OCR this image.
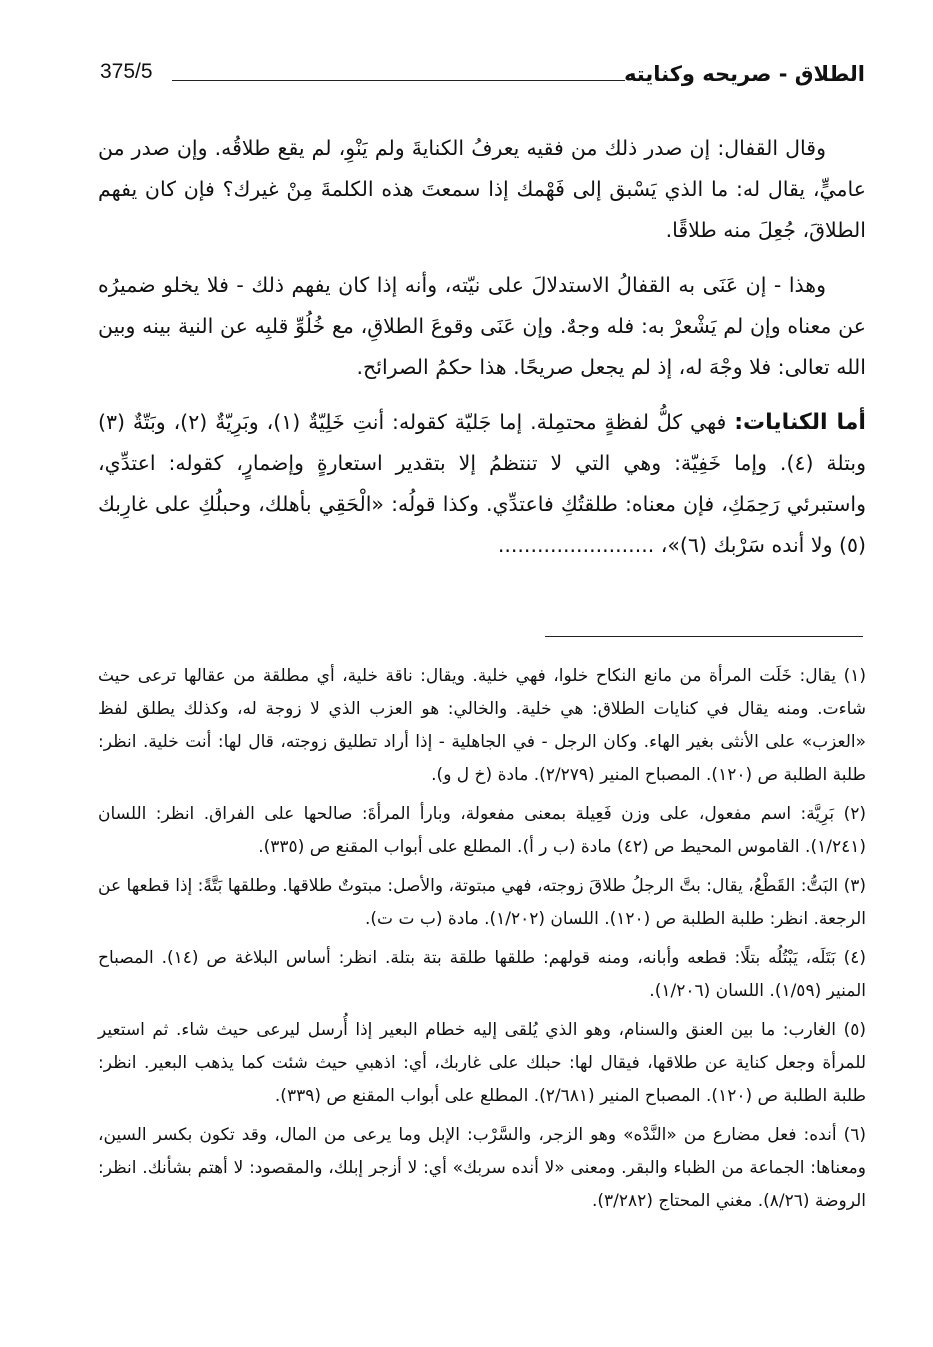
الطلاق - صريحه وكنايته
375/5

وقال القفال: إن صدر ذلك من فقيه يعرفُ الكنايةَ ولم يَنْوِ، لم يقع طلاقُه. وإن صدر من عاميٍّ، يقال له: ما الذي يَسْبق إلى فَهْمك إذا سمعتَ هذه الكلمةَ مِنْ غيرك؟ فإن كان يفهم الطلاقَ، جُعِلَ منه طلاقًا.

وهذا - إن عَنَى به القفالُ الاستدلالَ على نيّته، وأنه إذا كان يفهم ذلك - فلا يخلو ضميرُه عن معناه وإن لم يَشْعرْ به: فله وجهٌ. وإن عَنَى وقوعَ الطلاقِ، مع خُلُوِّ قلبِه عن النية بينه وبين الله تعالى: فلا وجْهَ له، إذ لم يجعل صريحًا. هذا حكمُ الصرائح.

أما الكنايات: فهي كلُّ لفظةٍ محتمِلة. إما جَليّة كقوله: أنتِ خَلِيّةٌ (١)، وبَرِيّةٌ (٢)، وبَتّةٌ (٣) وبتلة (٤). وإما خَفِيّة: وهي التي لا تنتظمُ إلا بتقدير استعارةٍ وإضمارٍ، كقوله: اعتدِّي، واستبرئي رَحِمَكِ، فإن معناه: طلقتُكِ فاعتدِّي. وكذا قولُه: «الْحَقِي بأهلك، وحبلُكِ على غارِبك (٥) ولا أنده سَرْبك (٦)»، ........................

(١) يقال: خَلَت المرأة من مانع النكاح خلوا، فهي خلية. ويقال: ناقة خلية، أي مطلقة من عقالها ترعى حيث شاءت. ومنه يقال في كنايات الطلاق: هي خلية. والخالي: هو العزب الذي لا زوجة له، وكذلك يطلق لفظ «العزب» على الأنثى بغير الهاء. وكان الرجل - في الجاهلية - إذا أراد تطليق زوجته، قال لها: أنت خلية. انظر: طلبة الطلبة ص (١٢٠). المصباح المنير (٢/٢٧٩). مادة (خ ل و).

(٢) بَرِيَّة: اسم مفعول، على وزن فَعِيلة بمعنى مفعولة، وبارأ المرأةَ: صالحها على الفراق. انظر: اللسان (١/٢٤١). القاموس المحيط ص (٤٢) مادة (ب ر أ). المطلع على أبواب المقنع ص (٣٣٥).

(٣) البَتُّ: القَطْعُ، يقال: بتَّ الرجلُ طلاقَ زوجته، فهي مبتوتة، والأصل: مبتوتٌ طلاقها. وطلقها بَتَّةً: إذا قطعها عن الرجعة. انظر: طلبة الطلبة ص (١٢٠). اللسان (١/٢٠٢). مادة (ب ت ت).

(٤) بَتَلَه، يَبْتُلُه بتلًا: قطعه وأبانه، ومنه قولهم: طلقها طلقة بتة بتلة. انظر: أساس البلاغة ص (١٤). المصباح المنير (١/٥٩). اللسان (١/٢٠٦).

(٥) الغارب: ما بين العنق والسنام، وهو الذي يُلقى إليه خطام البعير إذا أُرسل ليرعى حيث شاء. ثم استعير للمرأة وجعل كناية عن طلاقها، فيقال لها: حبلك على غاربك، أي: اذهبي حيث شئت كما يذهب البعير. انظر: طلبة الطلبة ص (١٢٠). المصباح المنير (٢/٦٨١). المطلع على أبواب المقنع ص (٣٣٩).

(٦) أنده: فعل مضارع من «النَّدْه» وهو الزجر، والسَّرْب: الإبل وما يرعى من المال، وقد تكون بكسر السين، ومعناها: الجماعة من الظباء والبقر. ومعنى «لا أنده سربك» أي: لا أزجر إبلك، والمقصود: لا أهتم بشأنك. انظر: الروضة (٨/٢٦). مغني المحتاج (٣/٢٨٢).
